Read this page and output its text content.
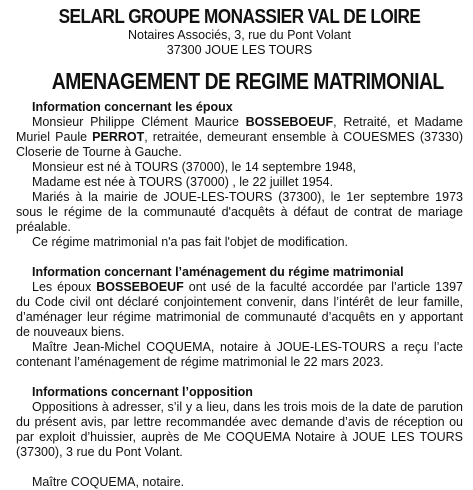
SELARL GROUPE MONASSIER VAL DE LOIRE

Notaires Associés, 3, rue du Pont Volant

37300 JOUE LES TOURS

AMENAGEMENT DE REGIME MATRIMONIAL

Information concernant les époux

Monsieur Philippe Clément Maurice BOSSEBOEUF, Retraité, et Madame Muriel Paule PERROT, retraitée, demeurant ensemble à COUESMES (37330) Closerie de Tourne à Gauche.

Monsieur est né à TOURS (37000), le 14 septembre 1948,

Madame est née à TOURS (37000) , le 22 juillet 1954.

Mariés à la mairie de JOUE-LES-TOURS (37300), le 1er septembre 1973 sous le régime de la communauté d'acquêts à défaut de contrat de mariage préalable.

Ce régime matrimonial n'a pas fait l'objet de modification.

Information concernant l’aménagement du régime matrimonial

Les époux BOSSEBOEUF ont usé de la faculté accordée par l’article 1397 du Code civil ont déclaré conjointement convenir, dans l’intérêt de leur famille, d’aménager leur régime matrimonial de communauté d’acquêts en y apportant de nouveaux biens.

Maître Jean-Michel COQUEMA, notaire à JOUE-LES-TOURS a reçu l’acte contenant l’aménagement de régime matrimonial le 22 mars 2023.

Informations concernant l’opposition

Oppositions à adresser, s’il y a lieu, dans les trois mois de la date de parution du présent avis, par lettre recommandée avec demande d’avis de réception ou par exploit d’huissier, auprès de Me COQUEMA Notaire à JOUE LES TOURS (37300), 3 rue du Pont Volant.

Maître COQUEMA, notaire.
